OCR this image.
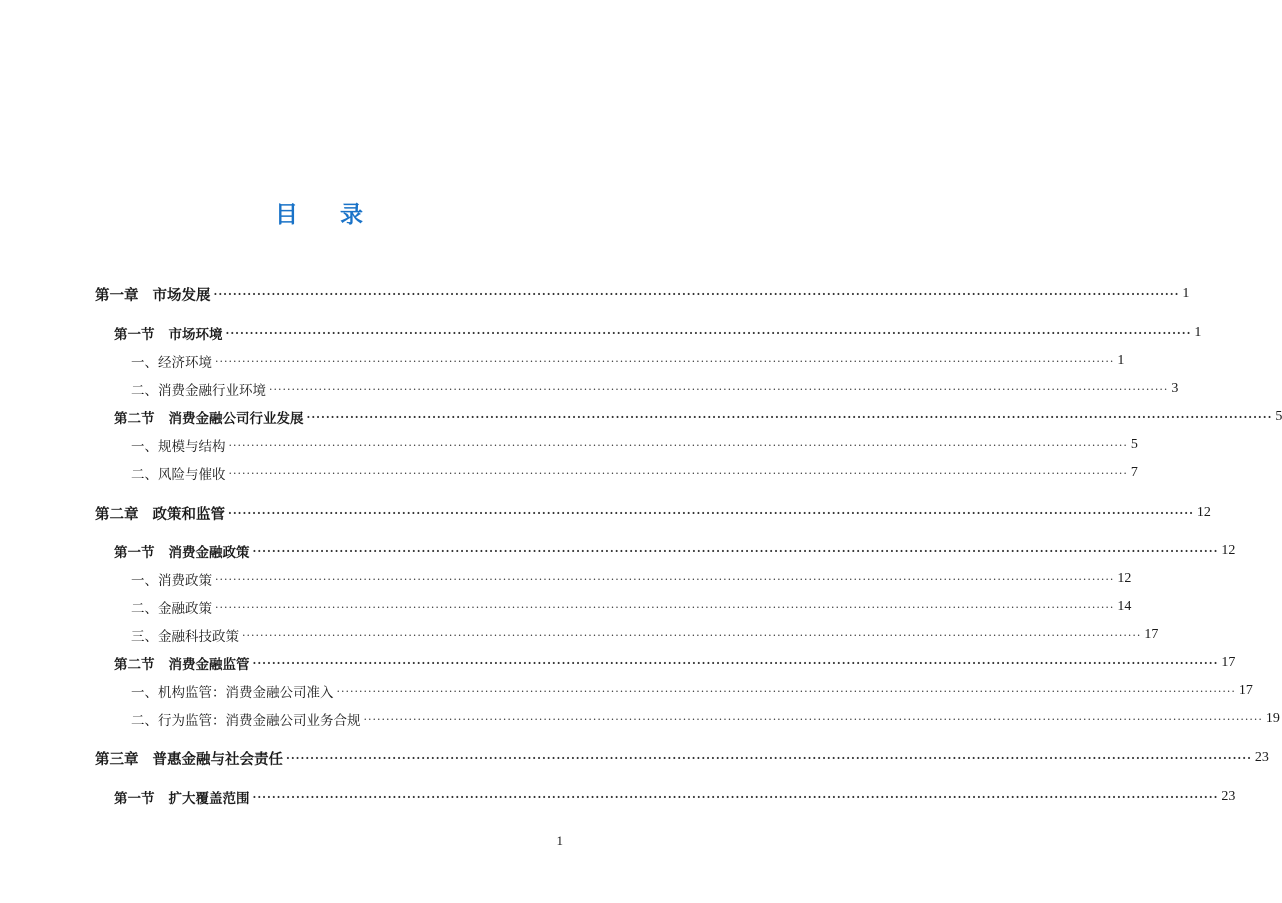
目录
第一章 市场发展 ········································································································································································································ 1
第一节 市场环境 ········································································································································································································ 1
一、经济环境 ········································································································································································································ 1
二、消费金融行业环境 ········································································································································································································ 3
第二节 消费金融公司行业发展 ········································································································································································································ 5
一、规模与结构 ········································································································································································································ 5
二、风险与催收 ········································································································································································································ 7
第二章 政策和监管 ········································································································································································································ 12
第一节 消费金融政策 ········································································································································································································ 12
一、消费政策 ········································································································································································································ 12
二、金融政策 ········································································································································································································ 14
三、金融科技政策 ········································································································································································································ 17
第二节 消费金融监管 ········································································································································································································ 17
一、机构监管：消费金融公司准入 ········································································································································································································ 17
二、行为监管：消费金融公司业务合规 ········································································································································································································ 19
第三章 普惠金融与社会责任 ········································································································································································································ 23
第一节 扩大覆盖范围 ········································································································································································································ 23
1
